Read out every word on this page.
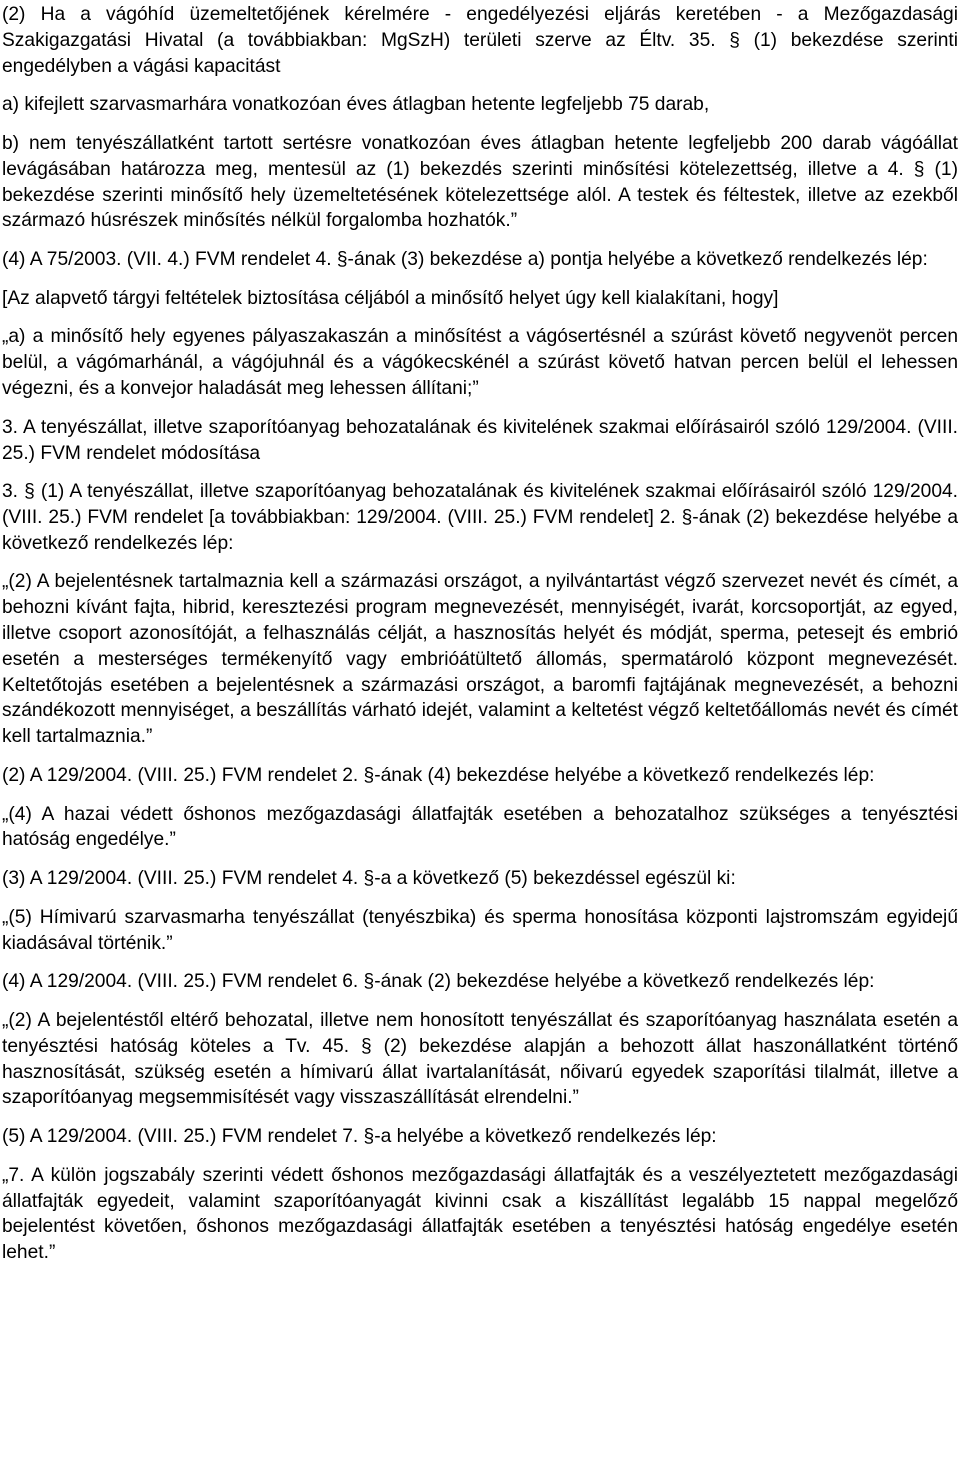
(2) Ha a vágóhíd üzemeltetőjének kérelmére - engedélyezési eljárás keretében - a Mezőgazdasági Szakigazgatási Hivatal (a továbbiakban: MgSzH) területi szerve az Éltv. 35. § (1) bekezdése szerinti engedélyben a vágási kapacitást

a) kifejlett szarvasmarhára vonatkozóan éves átlagban hetente legfeljebb 75 darab,

b) nem tenyészállatként tartott sertésre vonatkozóan éves átlagban hetente legfeljebb 200 darab vágóállat levágásában határozza meg, mentesül az (1) bekezdés szerinti minősítési kötelezettség, illetve a 4. § (1) bekezdése szerinti minősítő hely üzemeltetésének kötelezettsége alól. A testek és féltestek, illetve az ezekből származó húsrészek minősítés nélkül forgalomba hozhatók.”

(4) A 75/2003. (VII. 4.) FVM rendelet 4. §-ának (3) bekezdése a) pontja helyébe a következő rendelkezés lép:

[Az alapvető tárgyi feltételek biztosítása céljából a minősítő helyet úgy kell kialakítani, hogy]

„a) a minősítő hely egyenes pályaszakaszán a minősítést a vágósertésnél a szúrást követő negyvenöt percen belül, a vágómarhánál, a vágójuhnál és a vágókecskénél a szúrást követő hatvan percen belül el lehessen végezni, és a konvejor haladását meg lehessen állítani;”

3. A tenyészállat, illetve szaporítóanyag behozatalának és kivitelének szakmai előírásairól szóló 129/2004. (VIII. 25.) FVM rendelet módosítása

3. § (1) A tenyészállat, illetve szaporítóanyag behozatalának és kivitelének szakmai előírásairól szóló 129/2004. (VIII. 25.) FVM rendelet [a továbbiakban: 129/2004. (VIII. 25.) FVM rendelet] 2. §-ának (2) bekezdése helyébe a következő rendelkezés lép:

„(2) A bejelentésnek tartalmaznia kell a származási országot, a nyilvántartást végző szervezet nevét és címét, a behozni kívánt fajta, hibrid, keresztezési program megnevezését, mennyiségét, ivarát, korcsoportját, az egyed, illetve csoport azonosítóját, a felhasználás célját, a hasznosítás helyét és módját, sperma, petesejt és embrió esetén a mesterséges termékenyítő vagy embrióátültető állomás, spermatároló központ megnevezését. Keltetőtojás esetében a bejelentésnek a származási országot, a baromfi fajtájának megnevezését, a behozni szándékozott mennyiséget, a beszállítás várható idejét, valamint a keltetést végző keltetőállomás nevét és címét kell tartalmaznia.”

(2) A 129/2004. (VIII. 25.) FVM rendelet 2. §-ának (4) bekezdése helyébe a következő rendelkezés lép:

„(4) A hazai védett őshonos mezőgazdasági állatfajták esetében a behozatalhoz szükséges a tenyésztési hatóság engedélye.”

(3) A 129/2004. (VIII. 25.) FVM rendelet 4. §-a a következő (5) bekezdéssel egészül ki:

„(5) Hímivarú szarvasmarha tenyészállat (tenyészbika) és sperma honosítása központi lajstromszám egyidejű kiadásával történik.”

(4) A 129/2004. (VIII. 25.) FVM rendelet 6. §-ának (2) bekezdése helyébe a következő rendelkezés lép:

„(2) A bejelentéstől eltérő behozatal, illetve nem honosított tenyészállat és szaporítóanyag használata esetén a tenyésztési hatóság köteles a Tv. 45. § (2) bekezdése alapján a behozott állat haszonállatként történő hasznosítását, szükség esetén a hímivarú állat ivartalanítását, nőivarú egyedek szaporítási tilalmát, illetve a szaporítóanyag megsemmisítését vagy visszaszállítását elrendelni.”

(5) A 129/2004. (VIII. 25.) FVM rendelet 7. §-a helyébe a következő rendelkezés lép:

„7. A külön jogszabály szerinti védett őshonos mezőgazdasági állatfajták és a veszélyeztetett mezőgazdasági állatfajták egyedeit, valamint szaporítóanyagát kivinni csak a kiszállítást legalább 15 nappal megelőző bejelentést követően, őshonos mezőgazdasági állatfajták esetében a tenyésztési hatóság engedélye esetén lehet.”
